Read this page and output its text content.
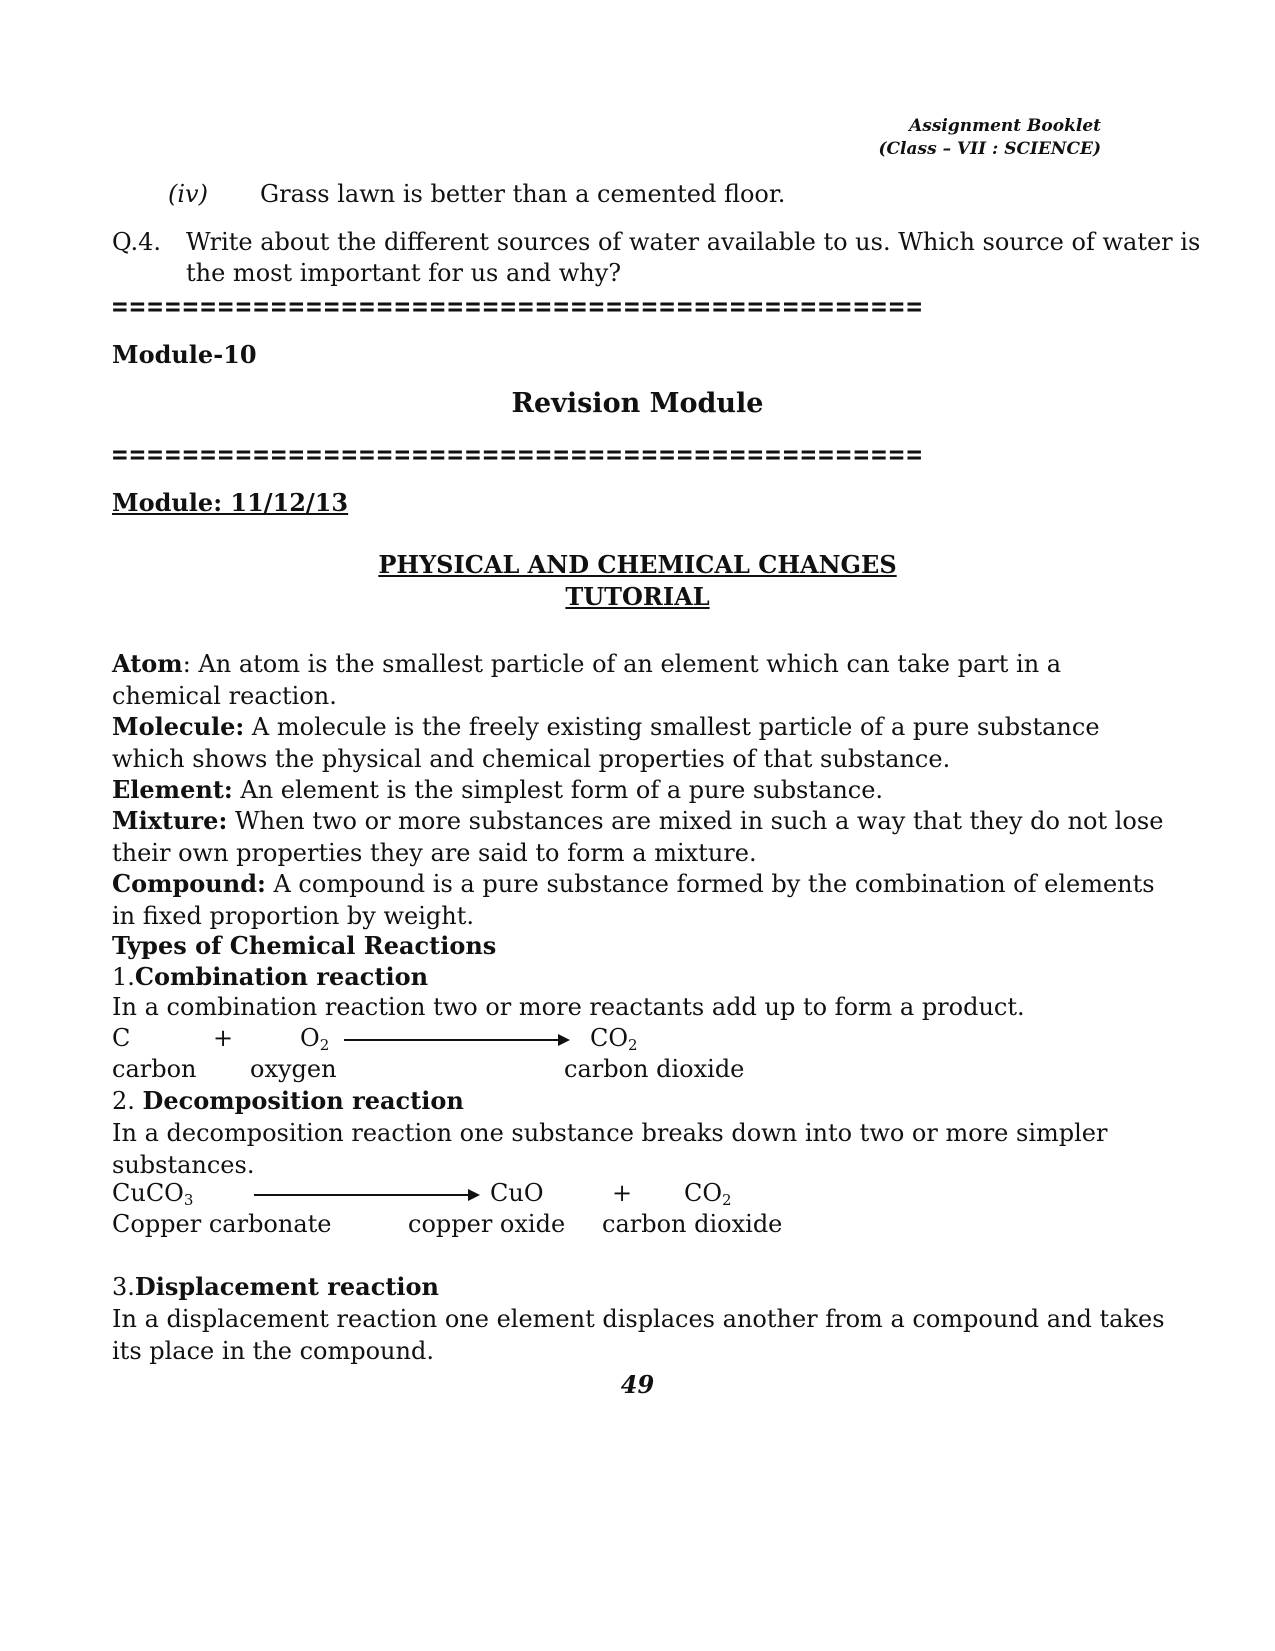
Assignment Booklet
(Class – VII : SCIENCE)
(iv) Grass lawn is better than a cemented floor.
Q.4. Write about the different sources of water available to us. Which source of water is
the most important for us and why?
==============================================
Module-10
Revision Module
==============================================
Module: 11/12/13
PHYSICAL AND CHEMICAL CHANGES
TUTORIAL
Atom: An atom is the smallest particle of an element which can take part in a chemical reaction.
Molecule: A molecule is the freely existing smallest particle of a pure substance which shows the physical and chemical properties of that substance.
Element: An element is the simplest form of a pure substance.
Mixture: When two or more substances are mixed in such a way that they do not lose their own properties they are said to form a mixture.
Compound: A compound is a pure substance formed by the combination of elements in fixed proportion by weight.
Types of Chemical Reactions
1.Combination reaction
In a combination reaction two or more reactants add up to form a product.
C	+	$O_2$	$CO_2$
carbon oxygen	carbon dioxide
2. Decomposition reaction
In a decomposition reaction one substance breaks down into two or more simpler substances.
CuCO$_3$	CuO	+ $CO_2$
Copper carbonate	copper oxide carbon dioxide
3.Displacement reaction
In a displacement reaction one element displaces another from a compound and takes its place in the compound.
49
